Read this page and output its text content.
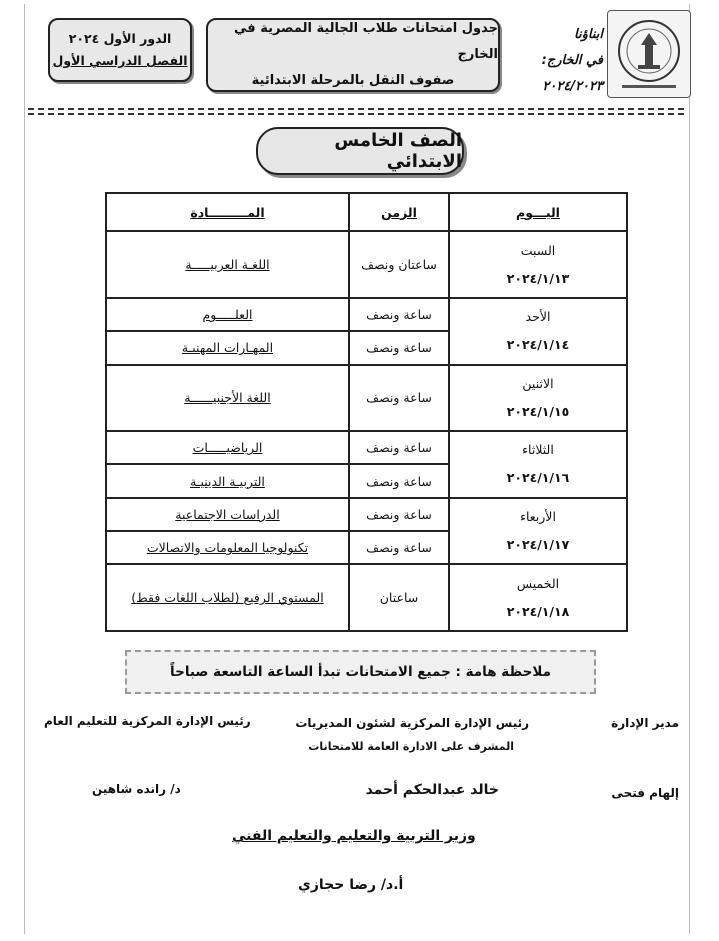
ابناؤنا
في الخارج:
٢٠٢٤/٢٠٢٣
جدول امتحانات طلاب الجالية المصرية في الخارج
صفوف النقل بالمرحلة الابتدائية
الدور الأول ٢٠٢٤
الفصل الدراسي الأول
الصف الخامس الابتدائي
اليـــوم	الزمن	المـــــــــادة

السبت
٢٠٢٤/١/١٣	ساعتان ونصف	اللغـة العربيـــــة

الأحد
٢٠٢٤/١/١٤	ساعة ونصف	العلـــــوم
	ساعة ونصف	المهـارات المهنيـة

الاثنين
٢٠٢٤/١/١٥	ساعة ونصف	اللغة الأجنبيــــــة

الثلاثاء
٢٠٢٤/١/١٦	ساعة ونصف	الرياضيـــــات
	ساعة ونصف	التربيـة الدينيـة

الأربعاء
٢٠٢٤/١/١٧	ساعة ونصف	الدراسات الاجتماعية
	ساعة ونصف	تكنولوجيا المعلومات والاتصالات

الخميس
٢٠٢٤/١/١٨	ساعتان	المستوي الرفيع (لطلاب اللغات فقط)
ملاحظة هامة : جميع الامتحانات تبدأ الساعة التاسعة صباحاً
مدير الإدارة
إلهام فتحى
رئيس الإدارة المركزية لشئون المديريات
المشرف على الادارة العامة للامتحانات
خالد عبدالحكم أحمد
رئيس الإدارة المركزية للتعليم العام
د/ رانده شاهين
وزير التربية والتعليم والتعليم الفني
أ.د/ رضا حجازي
